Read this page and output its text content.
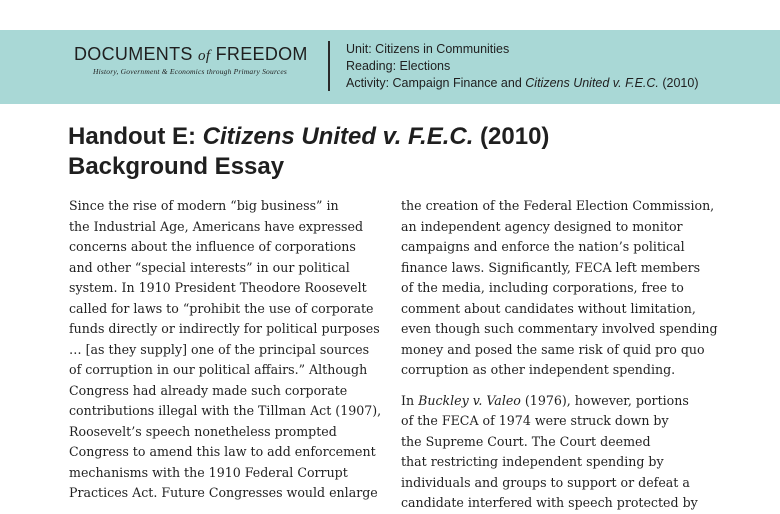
DOCUMENTS of FREEDOM
History, Government & Economics through Primary Sources
Unit: Citizens in Communities
Reading: Elections
Activity: Campaign Finance and Citizens United v. F.E.C. (2010)
Handout E: Citizens United v. F.E.C. (2010)
Background Essay
Since the rise of modern “big business” in
the Industrial Age, Americans have expressed
concerns about the influence of corporations
and other “special interests” in our political
system. In 1910 President Theodore Roosevelt
called for laws to “prohibit the use of corporate
funds directly or indirectly for political purposes
… [as they supply] one of the principal sources
of corruption in our political affairs.” Although
Congress had already made such corporate
contributions illegal with the Tillman Act (1907),
Roosevelt’s speech nonetheless prompted
Congress to amend this law to add enforcement
mechanisms with the 1910 Federal Corrupt
Practices Act. Future Congresses would enlarge
the creation of the Federal Election Commission,
an independent agency designed to monitor
campaigns and enforce the nation’s political
finance laws. Significantly, FECA left members
of the media, including corporations, free to
comment about candidates without limitation,
even though such commentary involved spending
money and posed the same risk of quid pro quo
corruption as other independent spending.
In Buckley v. Valeo (1976), however, portions
of the FECA of 1974 were struck down by
the Supreme Court. The Court deemed
that restricting independent spending by
individuals and groups to support or defeat a
candidate interfered with speech protected by
